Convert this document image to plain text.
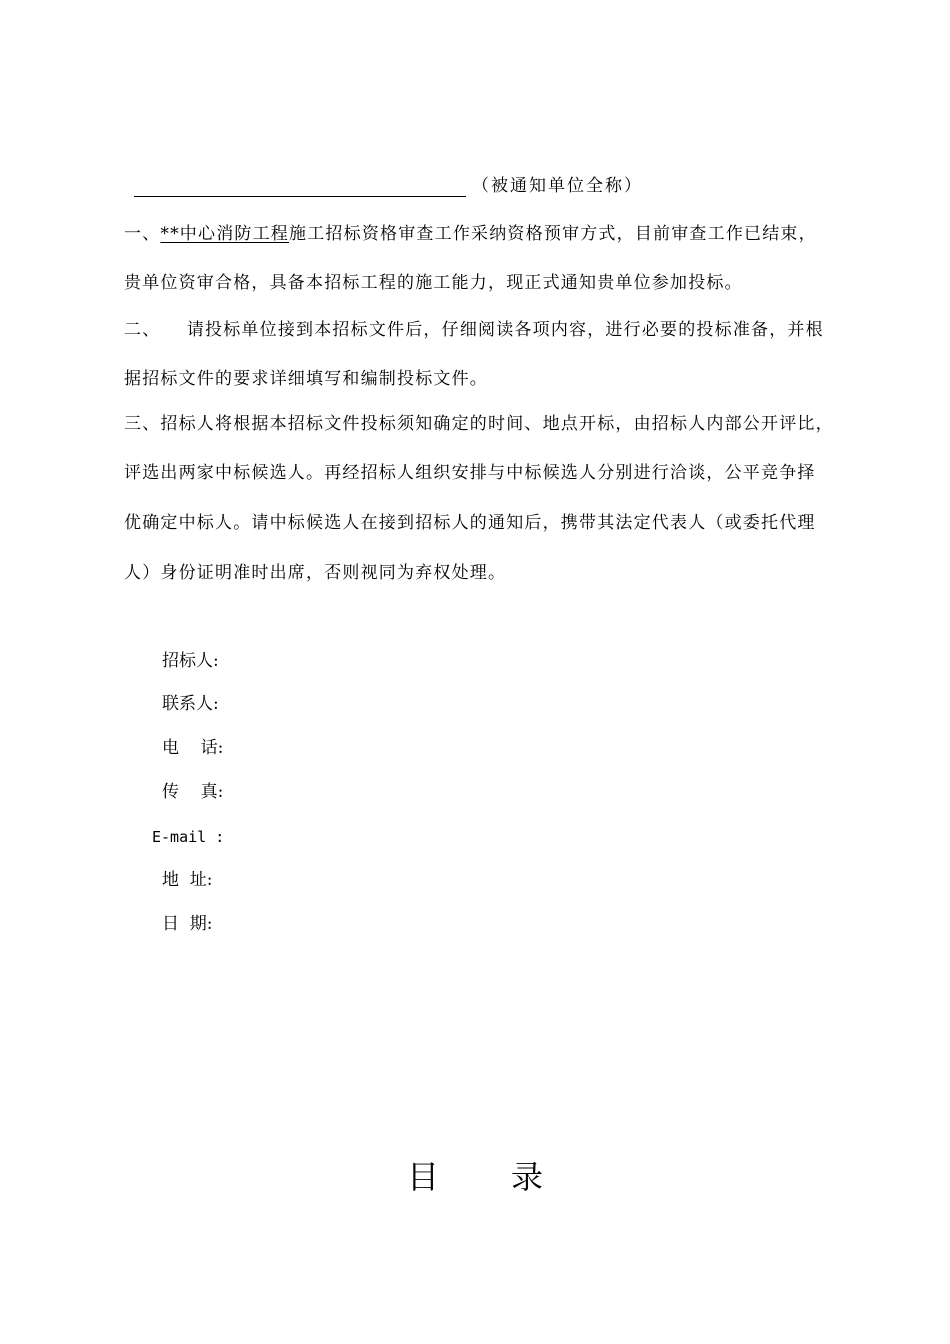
（被通知单位全称）
一、**中心消防工程施工招标资格审查工作采纳资格预审方式，目前审查工作已结束，
贵单位资审合格，具备本招标工程的施工能力，现正式通知贵单位参加投标。
二、    请投标单位接到本招标文件后，仔细阅读各项内容，进行必要的投标准备，并根
据招标文件的要求详细填写和编制投标文件。
三、招标人将根据本招标文件投标须知确定的时间、地点开标，由招标人内部公开评比，
评选出两家中标候选人。再经招标人组织安排与中标候选人分别进行洽谈，公平竞争择
优确定中标人。请中标候选人在接到招标人的通知后，携带其法定代表人（或委托代理
人）身份证明准时出席，否则视同为弃权处理。
招标人:
联系人:
电    话:
传    真:
E-mail :
地  址:
日  期:
目录
